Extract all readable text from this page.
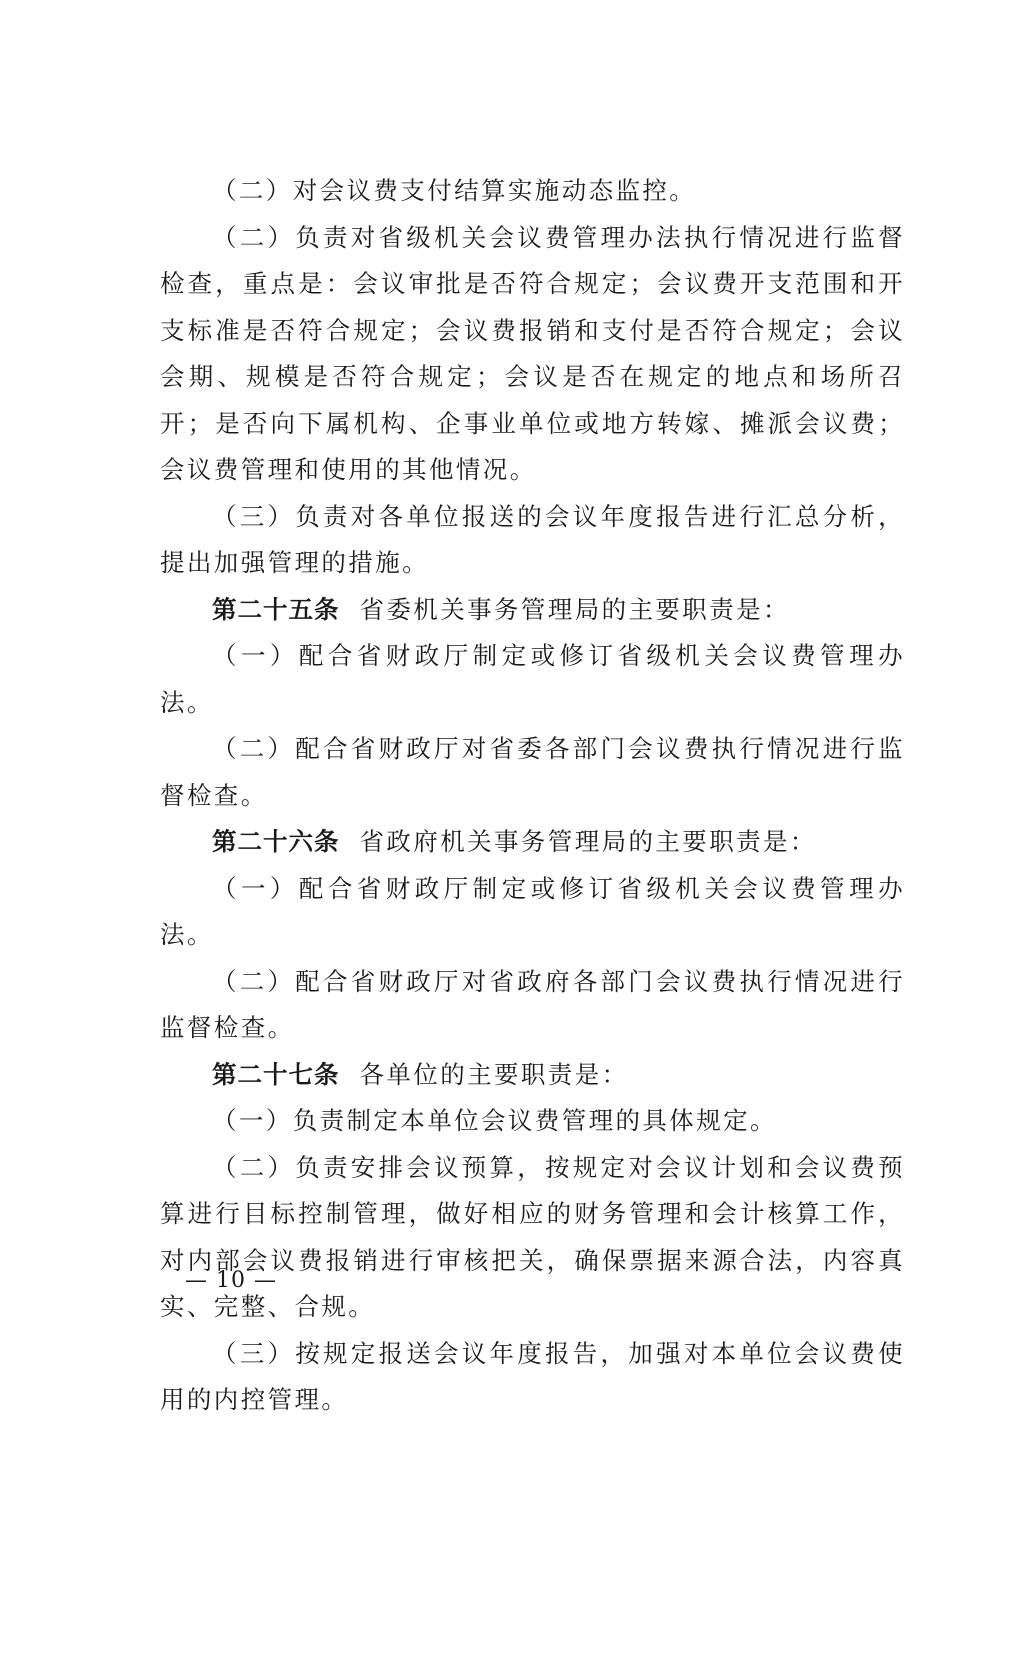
（二）对会议费支付结算实施动态监控。

（二）负责对省级机关会议费管理办法执行情况进行监督检查，重点是：会议审批是否符合规定；会议费开支范围和开支标准是否符合规定；会议费报销和支付是否符合规定；会议会期、规模是否符合规定；会议是否在规定的地点和场所召开；是否向下属机构、企事业单位或地方转嫁、摊派会议费；会议费管理和使用的其他情况。

（三）负责对各单位报送的会议年度报告进行汇总分析，提出加强管理的措施。

第二十五条 省委机关事务管理局的主要职责是：

（一）配合省财政厅制定或修订省级机关会议费管理办法。

（二）配合省财政厅对省委各部门会议费执行情况进行监督检查。

第二十六条 省政府机关事务管理局的主要职责是：

（一）配合省财政厅制定或修订省级机关会议费管理办法。

（二）配合省财政厅对省政府各部门会议费执行情况进行监督检查。

第二十七条 各单位的主要职责是：

（一）负责制定本单位会议费管理的具体规定。

（二）负责安排会议预算，按规定对会议计划和会议费预算进行目标控制管理，做好相应的财务管理和会计核算工作，对内部会议费报销进行审核把关，确保票据来源合法，内容真实、完整、合规。

（三）按规定报送会议年度报告，加强对本单位会议费使用的内控管理。

— 10 —
